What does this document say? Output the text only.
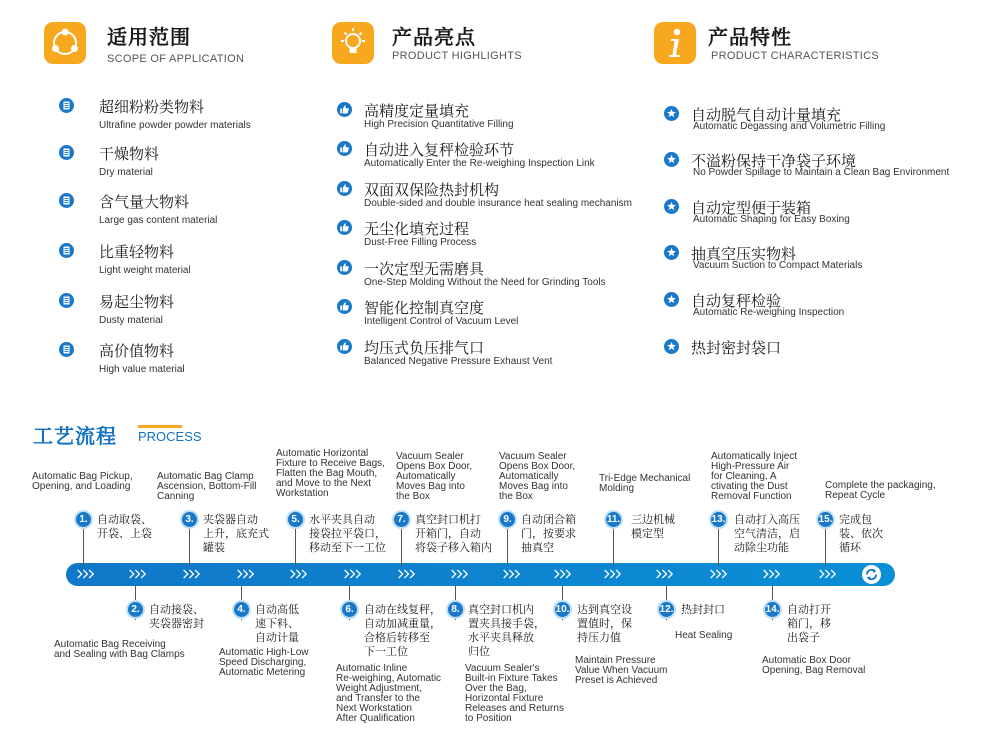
适用范围
SCOPE OF APPLICATION
产品亮点
PRODUCT HIGHLIGHTS
产品特性
PRODUCT CHARACTERISTICS
超细粉粉类物料
Ultrafine powder powder materials
干燥物料
Dry material
含气量大物料
Large gas content material
比重轻物料
Light weight material
易起尘物料
Dusty material
高价值物料
High value material
高精度定量填充
High Precision Quantitative Filling
自动进入复秤检验环节
Automatically Enter the Re-weighing Inspection Link
双面双保险热封机构
Double-sided and double insurance heat sealing mechanism
无尘化填充过程
Dust-Free Filling Process
一次定型无需磨具
One-Step Molding Without the Need for Grinding Tools
智能化控制真空度
Intelligent Control of Vacuum Level
均压式负压排气口
Balanced Negative Pressure Exhaust Vent
自动脱气自动计量填充
Automatic Degassing and Volumetric Filling
不溢粉保持干净袋子环境
No Powder Spillage to Maintain a Clean Bag Environment
自动定型便于装箱
Automatic Shaping for Easy Boxing
抽真空压实物料
Vacuum Suction to Compact Materials
自动复秤检验
Automatic Re-weighing Inspection
热封密封袋口
工艺流程 PROCESS
1. 自动取袋、
开袋、上袋
Automatic Bag Pickup,
Opening, and Loading
2. 自动接袋、
夹袋器密封
Automatic Bag Receiving
and Sealing with Bag Clamps
3. 夹袋器自动
上升，底充式
罐装
Automatic Bag Clamp
Ascension, Bottom-Fill
Canning
4. 自动高低
速下料、
自动计量
Automatic High-Low
Speed Discharging,
Automatic Metering
5. 水平夹具自动
接袋拉平袋口，
移动至下一工位
Automatic Horizontal
Fixture to Receive Bags,
Flatten the Bag Mouth,
and Move to the Next
Workstation
6. 自动在线复秤，
自动加减重量，
合格后转移至
下一工位
Automatic Inline
Re-weighing, Automatic
Weight Adjustment,
and Transfer to the
Next Workstation
After Qualification
7. 真空封口机打
开箱门，自动
将袋子移入箱内
Vacuum Sealer
Opens Box Door,
Automatically
Moves Bag into
the Box
8. 真空封口机内
置夹具接手袋，
水平夹具释放
归位
Vacuum Sealer's
Built-in Fixture Takes
Over the Bag,
Horizontal Fixture
Releases and Returns
to Position
9. 自动闭合箱
门，按要求
抽真空
Vacuum Sealer
Opens Box Door,
Automatically
Moves Bag into
the Box
10. 达到真空设
置值时，保
持压力值
Maintain Pressure
Value When Vacuum
Preset is Achieved
11. 三边机械
模定型
Tri-Edge Mechanical
Molding
12. 热封封口
Heat Sealing
13. 自动打入高压
空气清洁，启
动除尘功能
Automatically Inject
High-Pressure Air
for Cleaning, A
ctivating the Dust
Removal Function
14. 自动打开
箱门，移
出袋子
Automatic Box Door
Opening, Bag Removal
15. 完成包
装、依次
循环
Complete the packaging,
Repeat Cycle
